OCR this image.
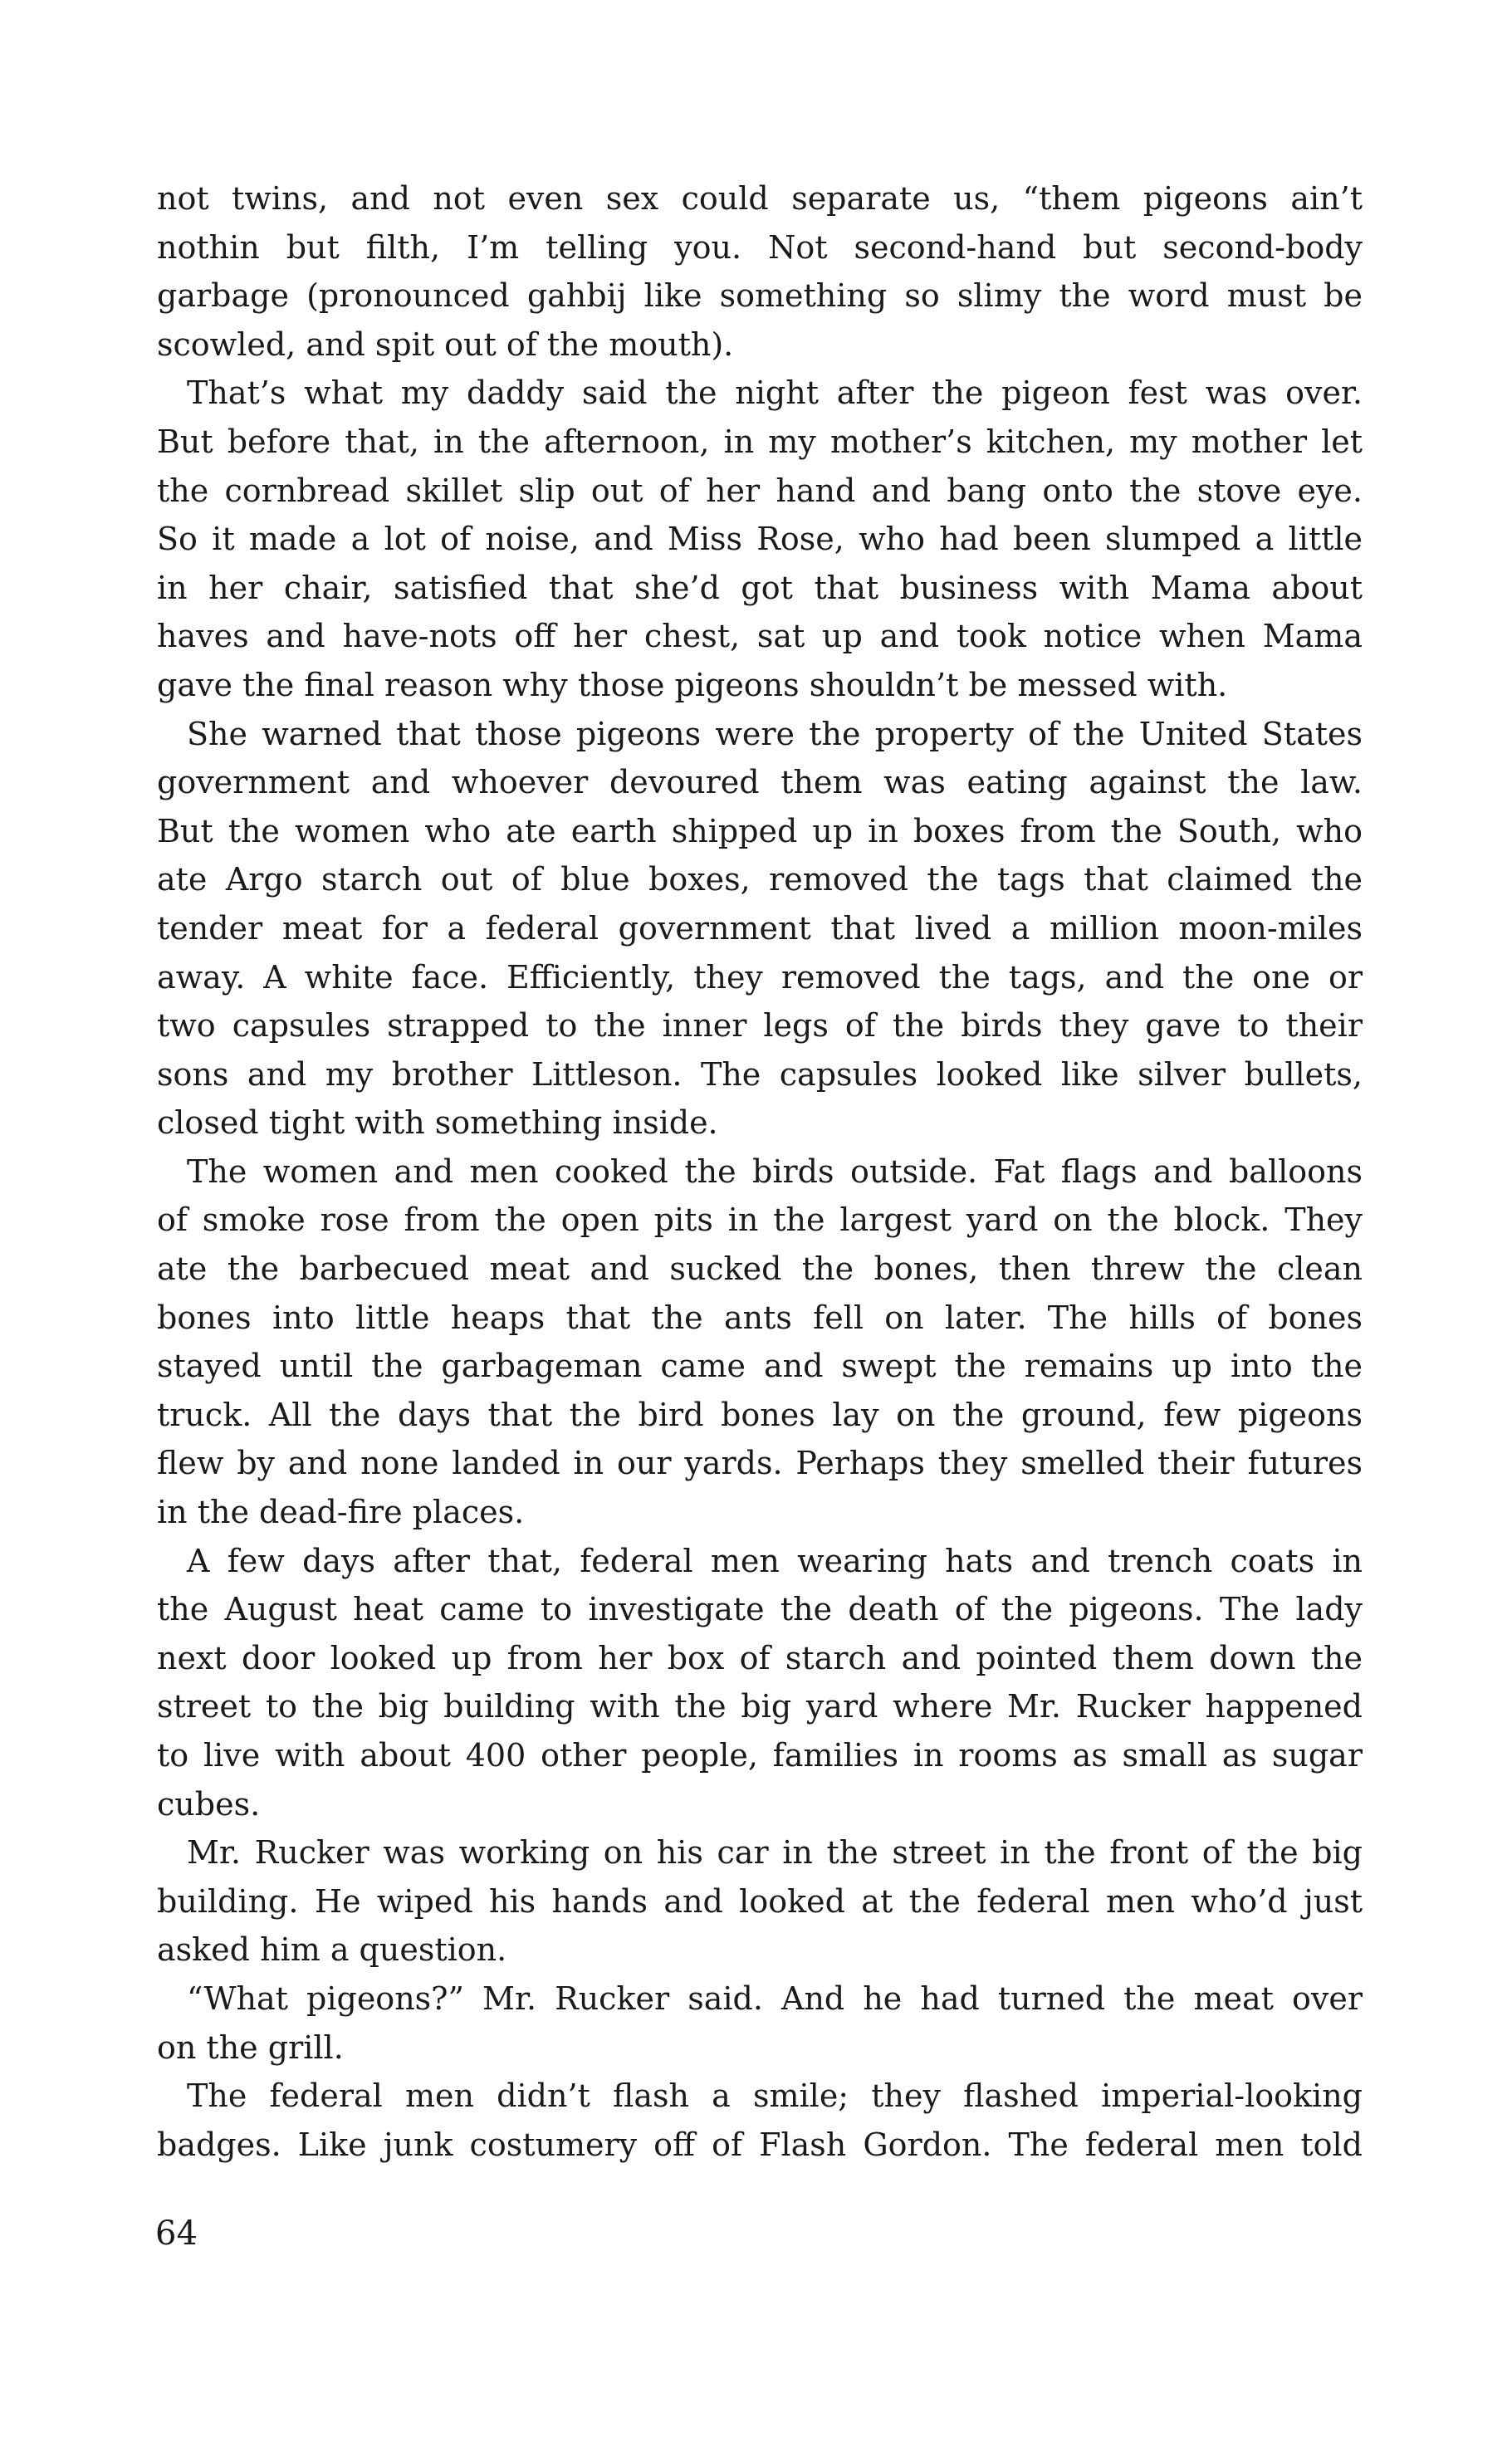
not twins, and not even sex could separate us, “them pigeons ain’t
nothin but filth, I’m telling you. Not second-hand but second-body
garbage (pronounced gahbij like something so slimy the word must be
scowled, and spit out of the mouth).
That’s what my daddy said the night after the pigeon fest was over.
But before that, in the afternoon, in my mother’s kitchen, my mother let
the cornbread skillet slip out of her hand and bang onto the stove eye.
So it made a lot of noise, and Miss Rose, who had been slumped a little
in her chair, satisfied that she’d got that business with Mama about
haves and have-nots off her chest, sat up and took notice when Mama
gave the final reason why those pigeons shouldn’t be messed with.
She warned that those pigeons were the property of the United States
government and whoever devoured them was eating against the law.
But the women who ate earth shipped up in boxes from the South, who
ate Argo starch out of blue boxes, removed the tags that claimed the
tender meat for a federal government that lived a million moon-miles
away. A white face. Efficiently, they removed the tags, and the one or
two capsules strapped to the inner legs of the birds they gave to their
sons and my brother Littleson. The capsules looked like silver bullets,
closed tight with something inside.
The women and men cooked the birds outside. Fat flags and balloons
of smoke rose from the open pits in the largest yard on the block. They
ate the barbecued meat and sucked the bones, then threw the clean
bones into little heaps that the ants fell on later. The hills of bones
stayed until the garbageman came and swept the remains up into the
truck. All the days that the bird bones lay on the ground, few pigeons
flew by and none landed in our yards. Perhaps they smelled their futures
in the dead-fire places.
A few days after that, federal men wearing hats and trench coats in
the August heat came to investigate the death of the pigeons. The lady
next door looked up from her box of starch and pointed them down the
street to the big building with the big yard where Mr. Rucker happened
to live with about 400 other people, families in rooms as small as sugar
cubes.
Mr. Rucker was working on his car in the street in the front of the big
building. He wiped his hands and looked at the federal men who’d just
asked him a question.
“What pigeons?” Mr. Rucker said. And he had turned the meat over
on the grill.
The federal men didn’t flash a smile; they flashed imperial-looking
badges. Like junk costumery off of Flash Gordon. The federal men told
64
